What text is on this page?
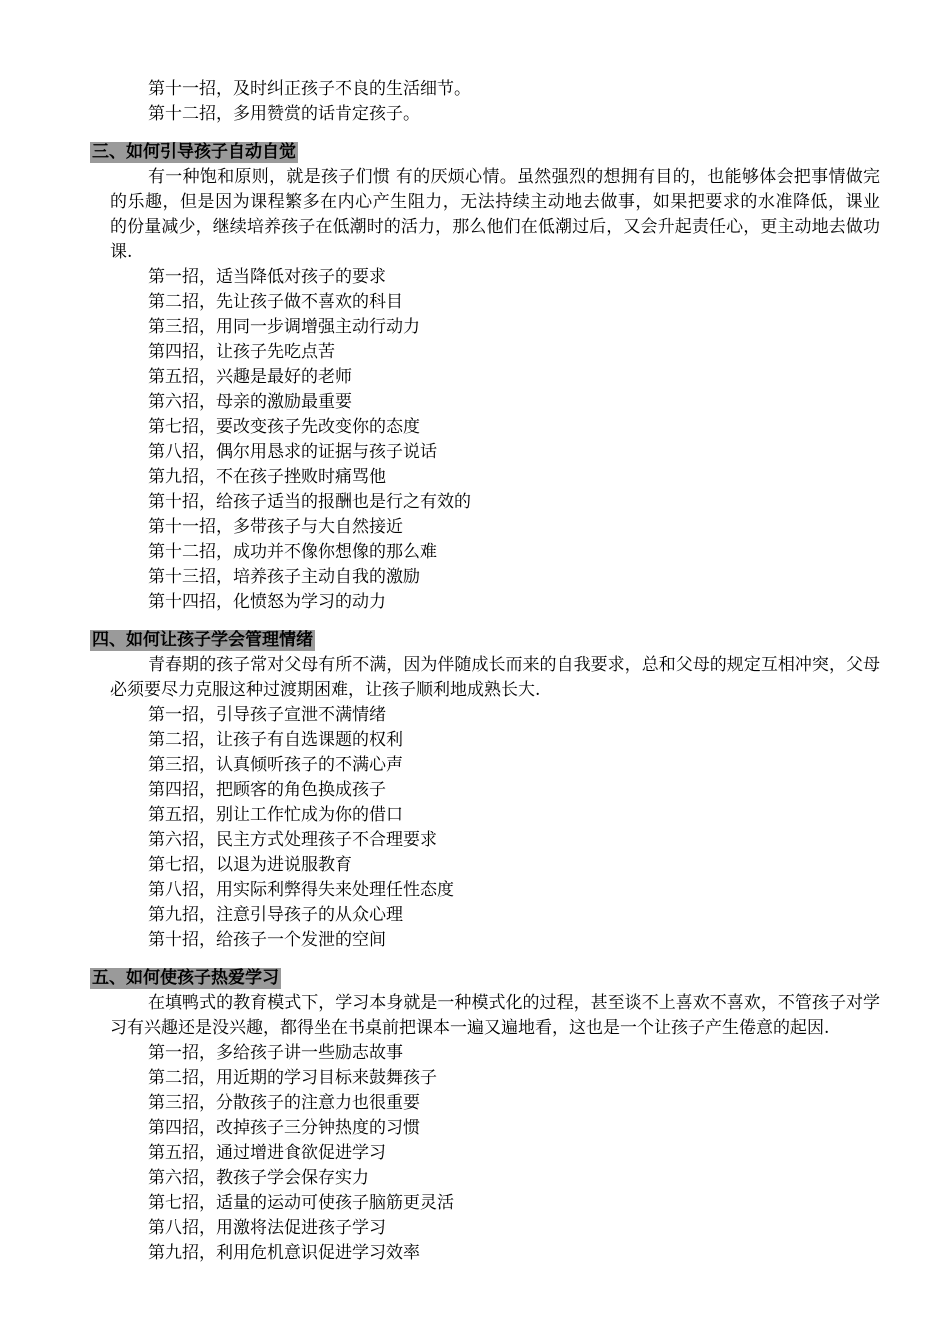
第十一招，及时纠正孩子不良的生活细节。
第十二招，多用赞赏的话肯定孩子。
三、如何引导孩子自动自觉
有一种饱和原则，就是孩子们惯 有的厌烦心情。虽然强烈的想拥有目的，也能够体会把事情做完的乐趣，但是因为课程繁多在内心产生阻力，无法持续主动地去做事，如果把要求的水准降低，课业 的份量减少，继续培养孩子在低潮时的活力，那么他们在低潮过后，又会升起责任心，更主动地去做功课.
第一招，适当降低对孩子的要求
第二招，先让孩子做不喜欢的科目
第三招，用同一步调增强主动行动力
第四招，让孩子先吃点苦
第五招，兴趣是最好的老师
第六招，母亲的激励最重要
第七招，要改变孩子先改变你的态度
第八招，偶尔用恳求的证据与孩子说话
第九招，不在孩子挫败时痛骂他
第十招，给孩子适当的报酬也是行之有效的
第十一招，多带孩子与大自然接近
第十二招，成功并不像你想像的那么难
第十三招，培养孩子主动自我的激励
第十四招，化愤怒为学习的动力
四、如何让孩子学会管理情绪
青春期的孩子常对父母有所不满，因为伴随成长而来的自我要求，总和父母的规定互相冲突，父母必须要尽力克服这种过渡期困难，让孩子顺利地成熟长大.
第一招，引导孩子宣泄不满情绪
第二招，让孩子有自选课题的权利
第三招，认真倾听孩子的不满心声
第四招，把顾客的角色换成孩子
第五招，别让工作忙成为你的借口
第六招，民主方式处理孩子不合理要求
第七招，以退为进说服教育
第八招，用实际利弊得失来处理任性态度
第九招，注意引导孩子的从众心理
第十招，给孩子一个发泄的空间
五、如何使孩子热爱学习
在填鸭式的教育模式下，学习本身就是一种模式化的过程，甚至谈不上喜欢不喜欢，不管孩子对学习有兴趣还是没兴趣，都得坐在书桌前把课本一遍又遍地看，这也是一个让孩子产生倦意的起因.
第一招，多给孩子讲一些励志故事
第二招，用近期的学习目标来鼓舞孩子
第三招，分散孩子的注意力也很重要
第四招，改掉孩子三分钟热度的习惯
第五招，通过增进食欲促进学习
第六招，教孩子学会保存实力
第七招，适量的运动可使孩子脑筋更灵活
第八招，用激将法促进孩子学习
第九招，利用危机意识促进学习效率
